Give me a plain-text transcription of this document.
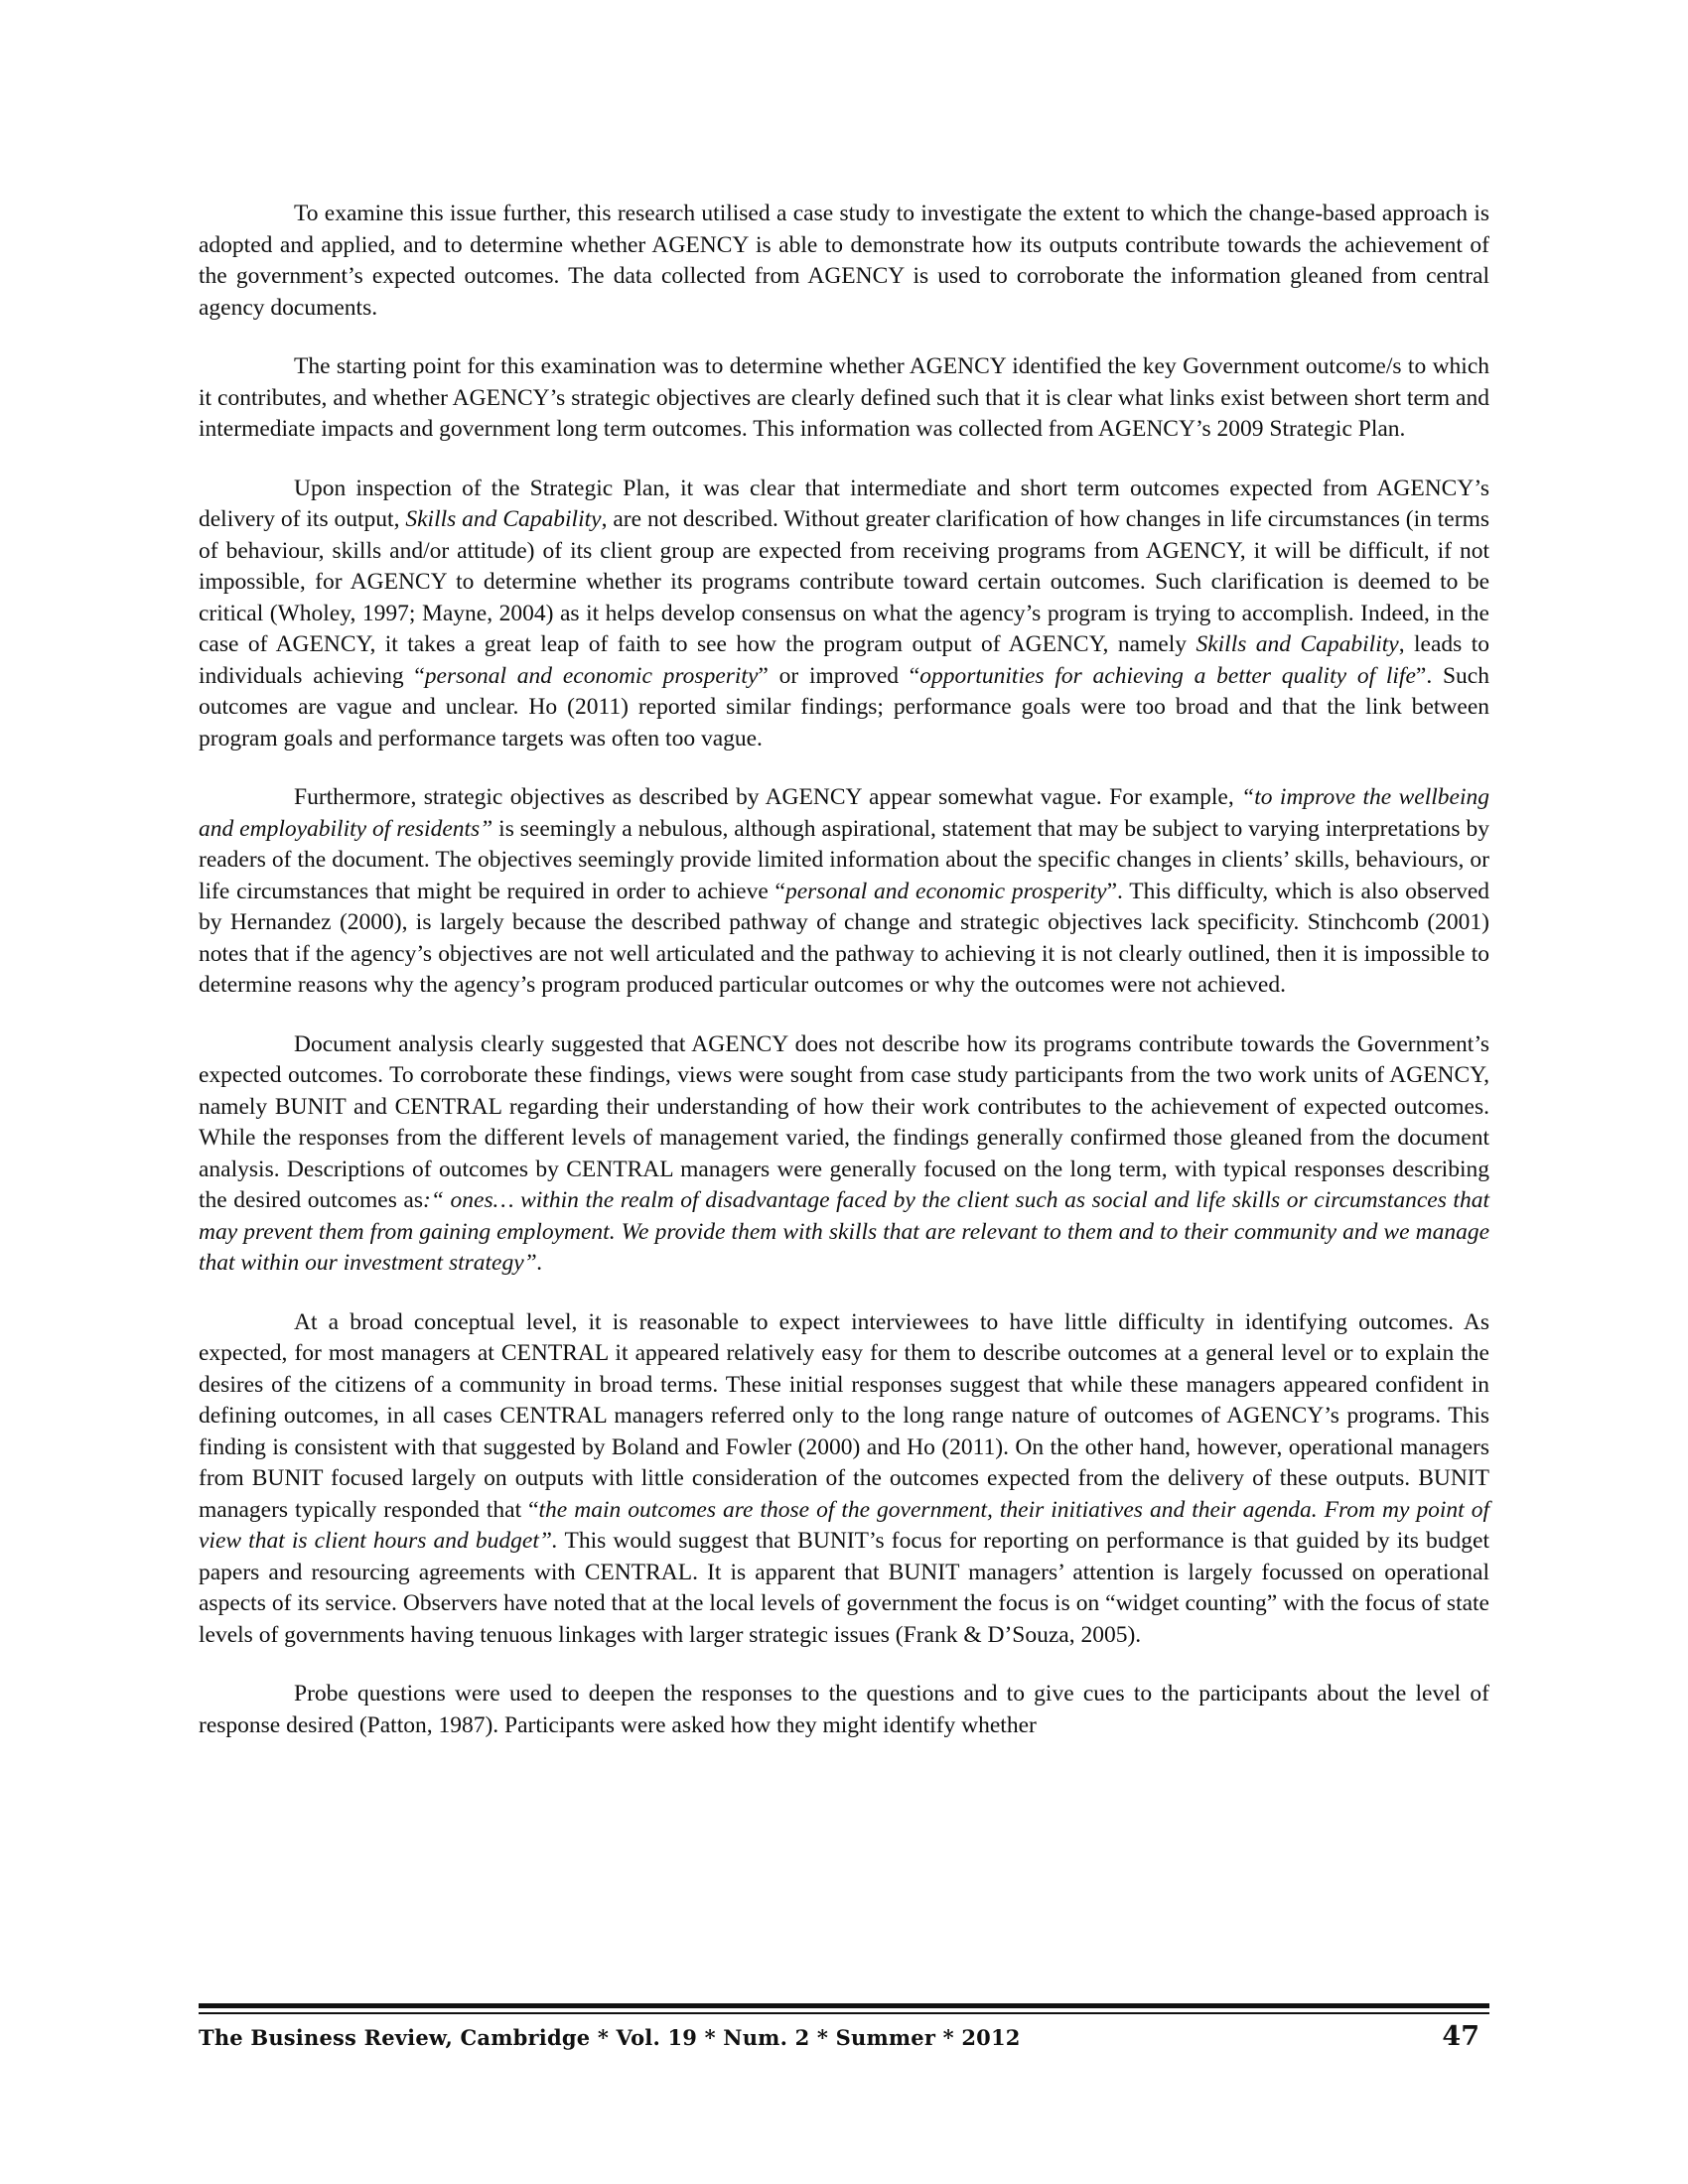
To examine this issue further, this research utilised a case study to investigate the extent to which the change-based approach is adopted and applied, and to determine whether AGENCY is able to demonstrate how its outputs contribute towards the achievement of the government’s expected outcomes. The data collected from AGENCY is used to corroborate the information gleaned from central agency documents.

The starting point for this examination was to determine whether AGENCY identified the key Government outcome/s to which it contributes, and whether AGENCY’s strategic objectives are clearly defined such that it is clear what links exist between short term and intermediate impacts and government long term outcomes. This information was collected from AGENCY’s 2009 Strategic Plan.

Upon inspection of the Strategic Plan, it was clear that intermediate and short term outcomes expected from AGENCY’s delivery of its output, Skills and Capability, are not described. Without greater clarification of how changes in life circumstances (in terms of behaviour, skills and/or attitude) of its client group are expected from receiving programs from AGENCY, it will be difficult, if not impossible, for AGENCY to determine whether its programs contribute toward certain outcomes. Such clarification is deemed to be critical (Wholey, 1997; Mayne, 2004) as it helps develop consensus on what the agency’s program is trying to accomplish. Indeed, in the case of AGENCY, it takes a great leap of faith to see how the program output of AGENCY, namely Skills and Capability, leads to individuals achieving “personal and economic prosperity” or improved “opportunities for achieving a better quality of life”. Such outcomes are vague and unclear. Ho (2011) reported similar findings; performance goals were too broad and that the link between program goals and performance targets was often too vague.

Furthermore, strategic objectives as described by AGENCY appear somewhat vague. For example, “to improve the wellbeing and employability of residents” is seemingly a nebulous, although aspirational, statement that may be subject to varying interpretations by readers of the document. The objectives seemingly provide limited information about the specific changes in clients’ skills, behaviours, or life circumstances that might be required in order to achieve “personal and economic prosperity”. This difficulty, which is also observed by Hernandez (2000), is largely because the described pathway of change and strategic objectives lack specificity. Stinchcomb (2001) notes that if the agency’s objectives are not well articulated and the pathway to achieving it is not clearly outlined, then it is impossible to determine reasons why the agency’s program produced particular outcomes or why the outcomes were not achieved.

Document analysis clearly suggested that AGENCY does not describe how its programs contribute towards the Government’s expected outcomes. To corroborate these findings, views were sought from case study participants from the two work units of AGENCY, namely BUNIT and CENTRAL regarding their understanding of how their work contributes to the achievement of expected outcomes. While the responses from the different levels of management varied, the findings generally confirmed those gleaned from the document analysis. Descriptions of outcomes by CENTRAL managers were generally focused on the long term, with typical responses describing the desired outcomes as:“ ones… within the realm of disadvantage faced by the client such as social and life skills or circumstances that may prevent them from gaining employment. We provide them with skills that are relevant to them and to their community and we manage that within our investment strategy”.

At a broad conceptual level, it is reasonable to expect interviewees to have little difficulty in identifying outcomes. As expected, for most managers at CENTRAL it appeared relatively easy for them to describe outcomes at a general level or to explain the desires of the citizens of a community in broad terms. These initial responses suggest that while these managers appeared confident in defining outcomes, in all cases CENTRAL managers referred only to the long range nature of outcomes of AGENCY’s programs. This finding is consistent with that suggested by Boland and Fowler (2000) and Ho (2011). On the other hand, however, operational managers from BUNIT focused largely on outputs with little consideration of the outcomes expected from the delivery of these outputs. BUNIT managers typically responded that “the main outcomes are those of the government, their initiatives and their agenda. From my point of view that is client hours and budget”. This would suggest that BUNIT’s focus for reporting on performance is that guided by its budget papers and resourcing agreements with CENTRAL. It is apparent that BUNIT managers’ attention is largely focussed on operational aspects of its service. Observers have noted that at the local levels of government the focus is on “widget counting” with the focus of state levels of governments having tenuous linkages with larger strategic issues (Frank & D’Souza, 2005).

Probe questions were used to deepen the responses to the questions and to give cues to the participants about the level of response desired (Patton, 1987). Participants were asked how they might identify whether

The Business Review, Cambridge * Vol. 19 * Num. 2 * Summer * 2012	47
